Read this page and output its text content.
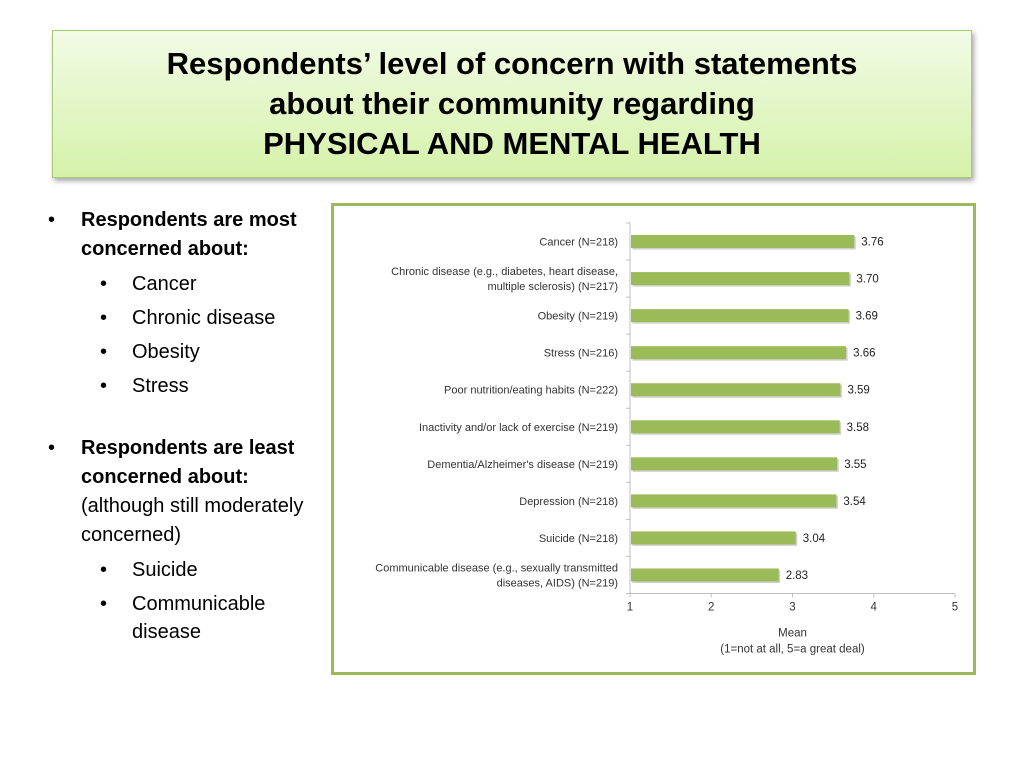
Respondents’ level of concern with statements
about their community regarding
PHYSICAL AND MENTAL HEALTH
• Respondents are most concerned about:
• Cancer
• Chronic disease
• Obesity
• Stress
• Respondents are least concerned about: (although still moderately concerned)
• Suicide
• Communicable disease
3.76
Cancer (N=218)
3.70
Chronic disease (e.g., diabetes, heart disease,
multiple sclerosis) (N=217)
3.69
Obesity (N=219)
3.66
Stress (N=216)
3.59
Poor nutrition/eating habits (N=222)
3.58
Inactivity and/or lack of exercise (N=219)
3.55
Dementia/Alzheimer's disease (N=219)
3.54
Depression (N=218)
3.04
Suicide (N=218)
2.83
Communicable disease (e.g., sexually transmitted
diseases, AIDS) (N=219)
1	2	3	4	5
Mean
(1=not at all, 5=a great deal)
